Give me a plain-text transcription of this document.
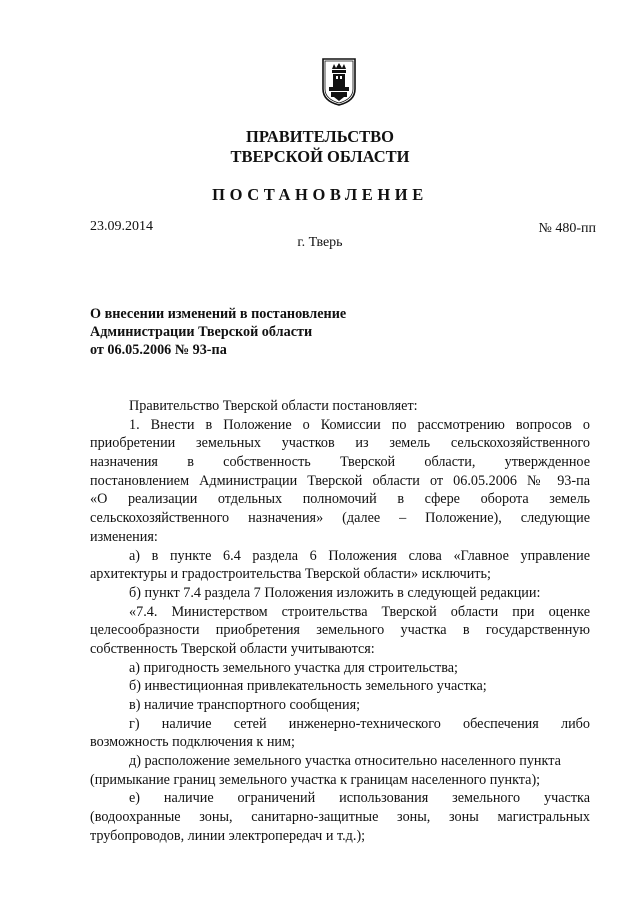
ПРАВИТЕЛЬСТВО
ТВЕРСКОЙ ОБЛАСТИ
ПОСТАНОВЛЕНИЕ
23.09.2014	№ 480-пп
г. Тверь
О внесении изменений в постановление
Администрации Тверской области
от 06.05.2006 № 93-па
Правительство Тверской области постановляет:
1. Внести в Положение о Комиссии по рассмотрению вопросов о
приобретении земельных участков из земель сельскохозяйственного
назначения в собственность Тверской области, утвержденное
постановлением Администрации Тверской области от 06.05.2006 № 93-па
«О реализации отдельных полномочий в сфере оборота земель
сельскохозяйственного назначения» (далее – Положение), следующие
изменения:
а) в пункте 6.4 раздела 6 Положения слова «Главное управление
архитектуры и градостроительства Тверской области» исключить;
б) пункт 7.4 раздела 7 Положения изложить в следующей редакции:
«7.4. Министерством строительства Тверской области при оценке
целесообразности приобретения земельного участка в государственную
собственность Тверской области учитываются:
а) пригодность земельного участка для строительства;
б) инвестиционная привлекательность земельного участка;
в) наличие транспортного сообщения;
г) наличие сетей инженерно-технического обеспечения либо
возможность подключения к ним;
д) расположение земельного участка относительно населенного пункта
(примыкание границ земельного участка к границам населенного пункта);
е) наличие ограничений использования земельного участка
(водоохранные зоны, санитарно-защитные зоны, зоны магистральных
трубопроводов, линии электропередач и т.д.);
